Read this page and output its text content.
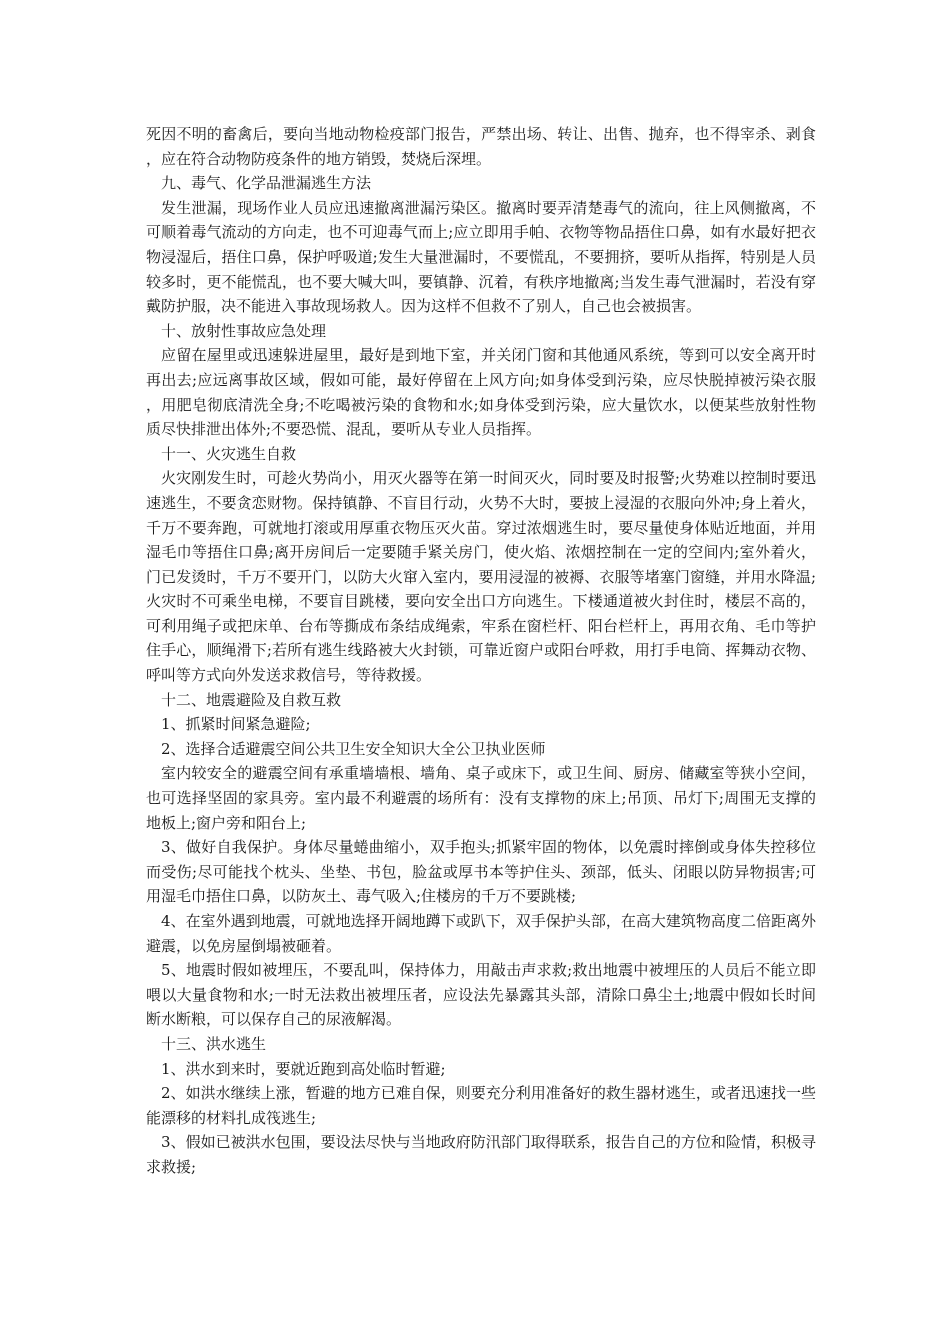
死因不明的畜禽后，要向当地动物检疫部门报告，严禁出场、转让、出售、抛弃，也不得宰杀、剥食，应在符合动物防疫条件的地方销毁，焚烧后深埋。

九、毒气、化学品泄漏逃生方法

发生泄漏，现场作业人员应迅速撤离泄漏污染区。撤离时要弄清楚毒气的流向，往上风侧撤离，不可顺着毒气流动的方向走，也不可迎毒气而上;应立即用手帕、衣物等物品捂住口鼻，如有水最好把衣物浸湿后，捂住口鼻，保护呼吸道;发生大量泄漏时，不要慌乱，不要拥挤，要听从指挥，特别是人员较多时，更不能慌乱，也不要大喊大叫，要镇静、沉着，有秩序地撤离;当发生毒气泄漏时，若没有穿戴防护服，决不能进入事故现场救人。因为这样不但救不了别人，自己也会被损害。

十、放射性事故应急处理

应留在屋里或迅速躲进屋里，最好是到地下室，并关闭门窗和其他通风系统，等到可以安全离开时再出去;应远离事故区域，假如可能，最好停留在上风方向;如身体受到污染，应尽快脱掉被污染衣服，用肥皂彻底清洗全身;不吃喝被污染的食物和水;如身体受到污染，应大量饮水，以便某些放射性物质尽快排泄出体外;不要恐慌、混乱，要听从专业人员指挥。

十一、火灾逃生自救

火灾刚发生时，可趁火势尚小，用灭火器等在第一时间灭火，同时要及时报警;火势难以控制时要迅速逃生，不要贪恋财物。保持镇静、不盲目行动，火势不大时，要披上浸湿的衣服向外冲;身上着火，千万不要奔跑，可就地打滚或用厚重衣物压灭火苗。穿过浓烟逃生时，要尽量使身体贴近地面，并用湿毛巾等捂住口鼻;离开房间后一定要随手紧关房门，使火焰、浓烟控制在一定的空间内;室外着火，门已发烫时，千万不要开门，以防大火窜入室内，要用浸湿的被褥、衣服等堵塞门窗缝，并用水降温;火灾时不可乘坐电梯，不要盲目跳楼，要向安全出口方向逃生。下楼通道被火封住时，楼层不高的，可利用绳子或把床单、台布等撕成布条结成绳索，牢系在窗栏杆、阳台栏杆上，再用衣角、毛巾等护住手心，顺绳滑下;若所有逃生线路被大火封锁，可靠近窗户或阳台呼救，用打手电筒、挥舞动衣物、呼叫等方式向外发送求救信号，等待救援。

十二、地震避险及自救互救

1、抓紧时间紧急避险;

2、选择合适避震空间公共卫生安全知识大全公卫执业医师

室内较安全的避震空间有承重墙墙根、墙角、桌子或床下，或卫生间、厨房、储藏室等狭小空间，也可选择坚固的家具旁。室内最不利避震的场所有：没有支撑物的床上;吊顶、吊灯下;周围无支撑的地板上;窗户旁和阳台上;

3、做好自我保护。身体尽量蜷曲缩小，双手抱头;抓紧牢固的物体，以免震时摔倒或身体失控移位而受伤;尽可能找个枕头、坐垫、书包，脸盆或厚书本等护住头、颈部，低头、闭眼以防异物损害;可用湿毛巾捂住口鼻，以防灰土、毒气吸入;住楼房的千万不要跳楼;

4、在室外遇到地震，可就地选择开阔地蹲下或趴下，双手保护头部，在高大建筑物高度二倍距离外避震，以免房屋倒塌被砸着。

5、地震时假如被埋压，不要乱叫，保持体力，用敲击声求救;救出地震中被埋压的人员后不能立即喂以大量食物和水;一时无法救出被埋压者，应设法先暴露其头部，清除口鼻尘土;地震中假如长时间断水断粮，可以保存自己的尿液解渴。

十三、洪水逃生

1、洪水到来时，要就近跑到高处临时暂避;

2、如洪水继续上涨，暂避的地方已难自保，则要充分利用准备好的救生器材逃生，或者迅速找一些能漂移的材料扎成筏逃生;

3、假如已被洪水包围，要设法尽快与当地政府防汛部门取得联系，报告自己的方位和险情，积极寻求救援;
